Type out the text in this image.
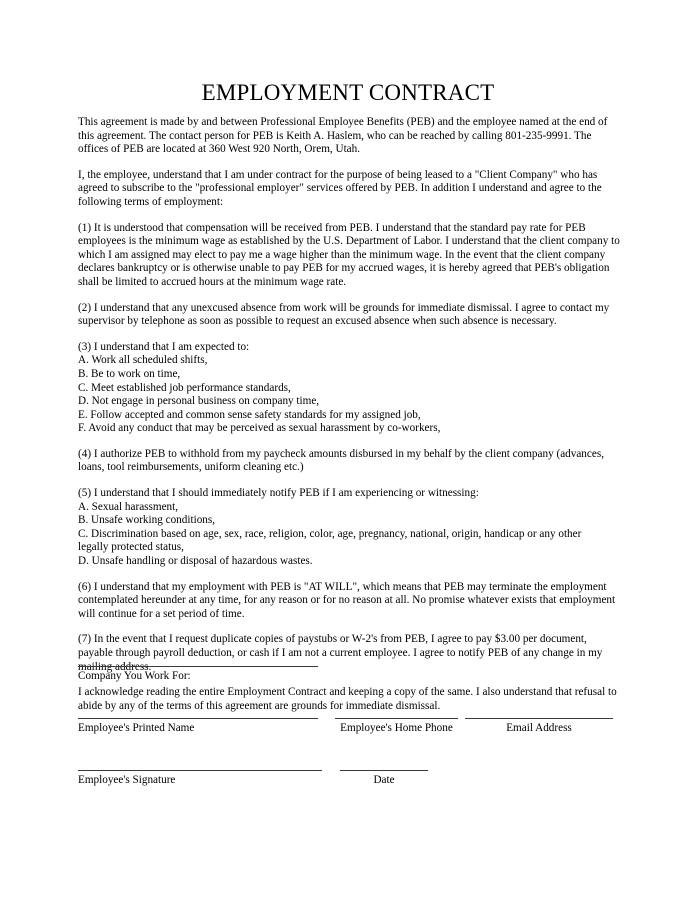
EMPLOYMENT CONTRACT

This agreement is made by and between Professional Employee Benefits (PEB) and the employee named at the end of this agreement. The contact person for PEB is Keith A. Haslem, who can be reached by calling 801-235-9991. The offices of PEB are located at 360 West 920 North, Orem, Utah.

I, the employee, understand that I am under contract for the purpose of being leased to a "Client Company" who has agreed to subscribe to the "professional employer" services offered by PEB. In addition I understand and agree to the following terms of employment:

(1) It is understood that compensation will be received from PEB. I understand that the standard pay rate for PEB employees is the minimum wage as established by the U.S. Department of Labor. I understand that the client company to which I am assigned may elect to pay me a wage higher than the minimum wage. In the event that the client company declares bankruptcy or is otherwise unable to pay PEB for my accrued wages, it is hereby agreed that PEB's obligation shall be limited to accrued hours at the minimum wage rate.

(2) I understand that any unexcused absence from work will be grounds for immediate dismissal. I agree to contact my supervisor by telephone as soon as possible to request an excused absence when such absence is necessary.

(3) I understand that I am expected to:

A. Work all scheduled shifts,

B. Be to work on time,

C. Meet established job performance standards,

D. Not engage in personal business on company time,

E. Follow accepted and common sense safety standards for my assigned job,

F. Avoid any conduct that may be perceived as sexual harassment by co-workers,

(4) I authorize PEB to withhold from my paycheck amounts disbursed in my behalf by the client company (advances, loans, tool reimbursements, uniform cleaning etc.)

(5) I understand that I should immediately notify PEB if I am experiencing or witnessing:

A. Sexual harassment,

B. Unsafe working conditions,

C. Discrimination based on age, sex, race, religion, color, age, pregnancy, national, origin, handicap or any other

legally protected status,

D. Unsafe handling or disposal of hazardous wastes.

(6) I understand that my employment with PEB is "AT WILL", which means that PEB may terminate the employment contemplated hereunder at any time, for any reason or for no reason at all. No promise whatever exists that employment will continue for a set period of time.

(7) In the event that I request duplicate copies of paystubs or W-2's from PEB, I agree to pay $3.00 per document, payable through payroll deduction, or cash if I am not a current employee. I agree to notify PEB of any change in my mailing address.

I acknowledge reading the entire Employment Contract and keeping a copy of the same. I also understand that refusal to abide by any of the terms of this agreement are grounds for immediate dismissal.

Company You Work For:
Employee's Printed Name	Employee's Home Phone	Email Address
Employee's Signature	Date
